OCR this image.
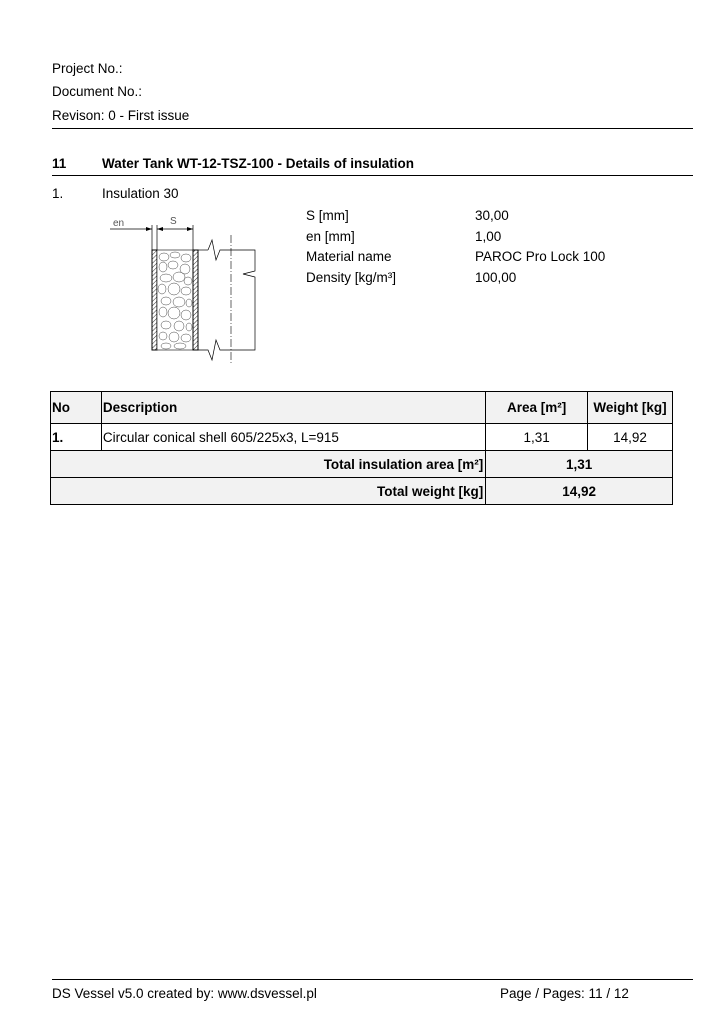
Project No.:
Document No.:
Revison: 0 - First issue
11	Water Tank WT-12-TSZ-100 - Details of insulation
1.	Insulation 30
en	S	S [mm]	30,00
en [mm]	1,00
Material name	PAROC Pro Lock 100
Density [kg/m³]	100,00
No	Description	Area [m²]	Weight [kg]
1.	Circular conical shell 605/225x3, L=915	1,31	14,92
Total insulation area [m²]		1,31	
Total weight [kg]		14,92	
DS Vessel v5.0 created by: www.dsvessel.pl	Page / Pages: 11 / 12
